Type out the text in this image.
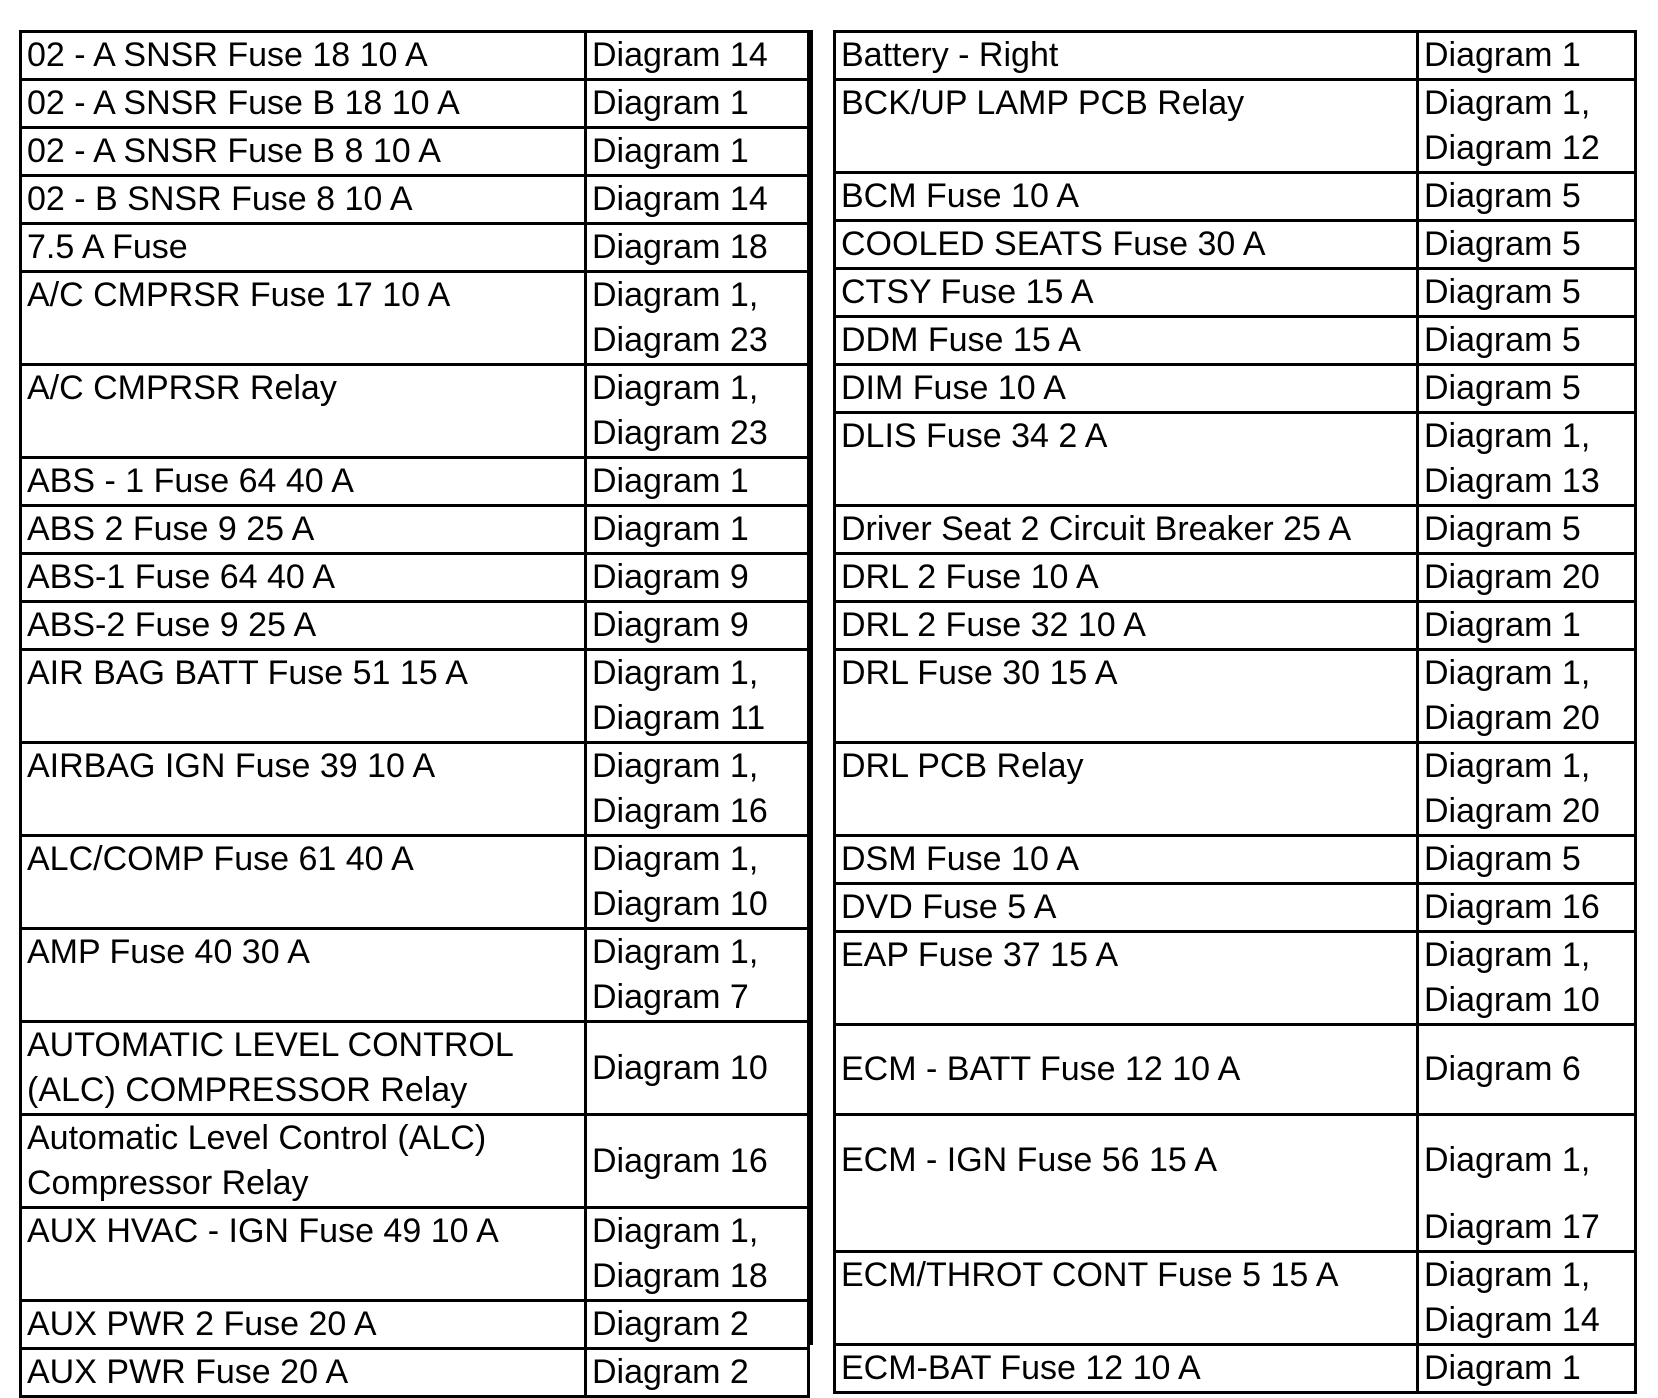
02 - A SNSR Fuse 18 10 A	Diagram 14
02 - A SNSR Fuse B 18 10 A	Diagram 1
02 - A SNSR Fuse B 8 10 A	Diagram 1
02 - B SNSR Fuse 8 10 A	Diagram 14
7.5 A Fuse	Diagram 18
A/C CMPRSR Fuse 17 10 A	Diagram 1,
Diagram 23

A/C CMPRSR Relay	Diagram 1,
Diagram 23

ABS - 1 Fuse 64 40 A	Diagram 1
ABS 2 Fuse 9 25 A	Diagram 1
ABS-1 Fuse 64 40 A	Diagram 9
ABS-2 Fuse 9 25 A	Diagram 9
AIR BAG BATT Fuse 51 15 A	Diagram 1,
Diagram 11

AIRBAG IGN Fuse 39 10 A	Diagram 1,
Diagram 16

ALC/COMP Fuse 61 40 A	Diagram 1,
Diagram 10

AMP Fuse 40 30 A	Diagram 1,
Diagram 7

AUTOMATIC LEVEL CONTROL
(ALC) COMPRESSOR Relay	Diagram 10

Automatic Level Control (ALC)
Compressor Relay	Diagram 16
AUX HVAC - IGN Fuse 49 10 A	Diagram 1,
Diagram 18

AUX PWR 2 Fuse 20 A	Diagram 2
AUX PWR Fuse 20 A	Diagram 2
Battery - Right	Diagram 1
BCK/UP LAMP PCB Relay	Diagram 1,
Diagram 12

BCM Fuse 10 A	Diagram 5
COOLED SEATS Fuse 30 A	Diagram 5
CTSY Fuse 15 A	Diagram 5
DDM Fuse 15 A	Diagram 5
DIM Fuse 10 A	Diagram 5
DLIS Fuse 34 2 A	Diagram 1,
Diagram 13

Driver Seat 2 Circuit Breaker 25 A	Diagram 5
DRL 2 Fuse 10 A	Diagram 20
DRL 2 Fuse 32 10 A	Diagram 1
DRL Fuse 30 15 A	Diagram 1,
Diagram 20

DRL PCB Relay	Diagram 1,
Diagram 20

DSM Fuse 10 A	Diagram 5
DVD Fuse 5 A	Diagram 16
EAP Fuse 37 15 A	Diagram 1,
Diagram 10

ECM - BATT Fuse 12 10 A	Diagram 6

ECM - IGN Fuse 56 15 A	Diagram 1,
Diagram 17

ECM/THROT CONT Fuse 5 15 A	Diagram 1,
Diagram 14

ECM-BAT Fuse 12 10 A	Diagram 1
